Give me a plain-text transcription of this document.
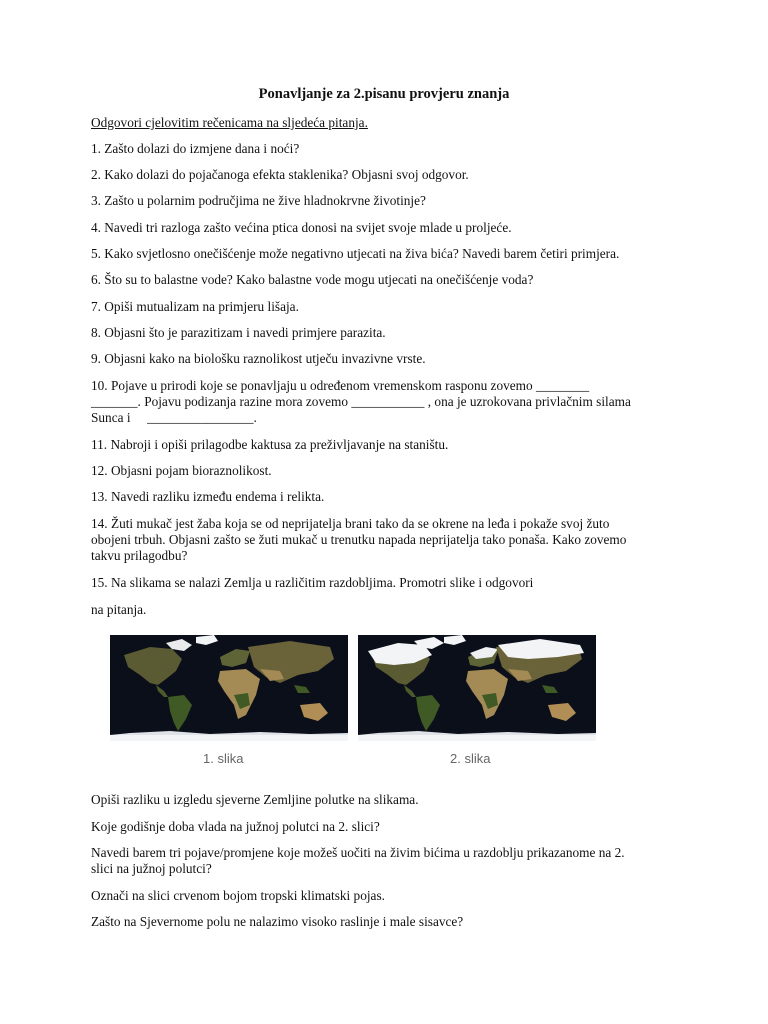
Ponavljanje za 2.pisanu provjeru znanja
Odgovori cjelovitim rečenicama na sljedeća pitanja.
1. Zašto dolazi do izmjene dana i noći?
2. Kako dolazi do pojačanoga efekta staklenika? Objasni svoj odgovor.
3. Zašto u polarnim područjima ne žive hladnokrvne životinje?
4. Navedi tri razloga zašto većina ptica donosi na svijet svoje mlade u proljeće.
5. Kako svjetlosno onečišćenje može negativno utjecati na živa bića? Navedi barem četiri primjera.
6. Što su to balastne vode? Kako balastne vode mogu utjecati na onečišćenje voda?
7. Opiši mutualizam na primjeru lišaja.
8. Objasni što je parazitizam i navedi primjere parazita.
9. Objasni kako na biološku raznolikost utječu invazivne vrste.
10. Pojave u prirodi koje se ponavljaju u određenom vremenskom rasponu zovemo ________
_______. Pojavu podizanja razine mora zovemo ___________ , ona je uzrokovana privlačnim silama
Sunca i     ________________.
11. Nabroji i opiši prilagodbe kaktusa za preživljavanje na staništu.
12. Objasni pojam bioraznolikost.
13. Navedi razliku između endema i relikta.
14. Žuti mukač jest žaba koja se od neprijatelja brani tako da se okrene na leđa i pokaže svoj žuto
obojeni trbuh. Objasni zašto se žuti mukač u trenutku napada neprijatelja tako ponaša. Kako zovemo
takvu prilagodbu?
15. Na slikama se nalazi Zemlja u različitim razdobljima. Promotri slike i odgovori
na pitanja.
1. slika	2. slika
Opiši razliku u izgledu sjeverne Zemljine polutke na slikama.
Koje godišnje doba vlada na južnoj polutci na 2. slici?
Navedi barem tri pojave/promjene koje možeš uočiti na živim bićima u razdoblju prikazanome na 2.
slici na južnoj polutci?
Označi na slici crvenom bojom tropski klimatski pojas.
Zašto na Sjevernome polu ne nalazimo visoko raslinje i male sisavce?
